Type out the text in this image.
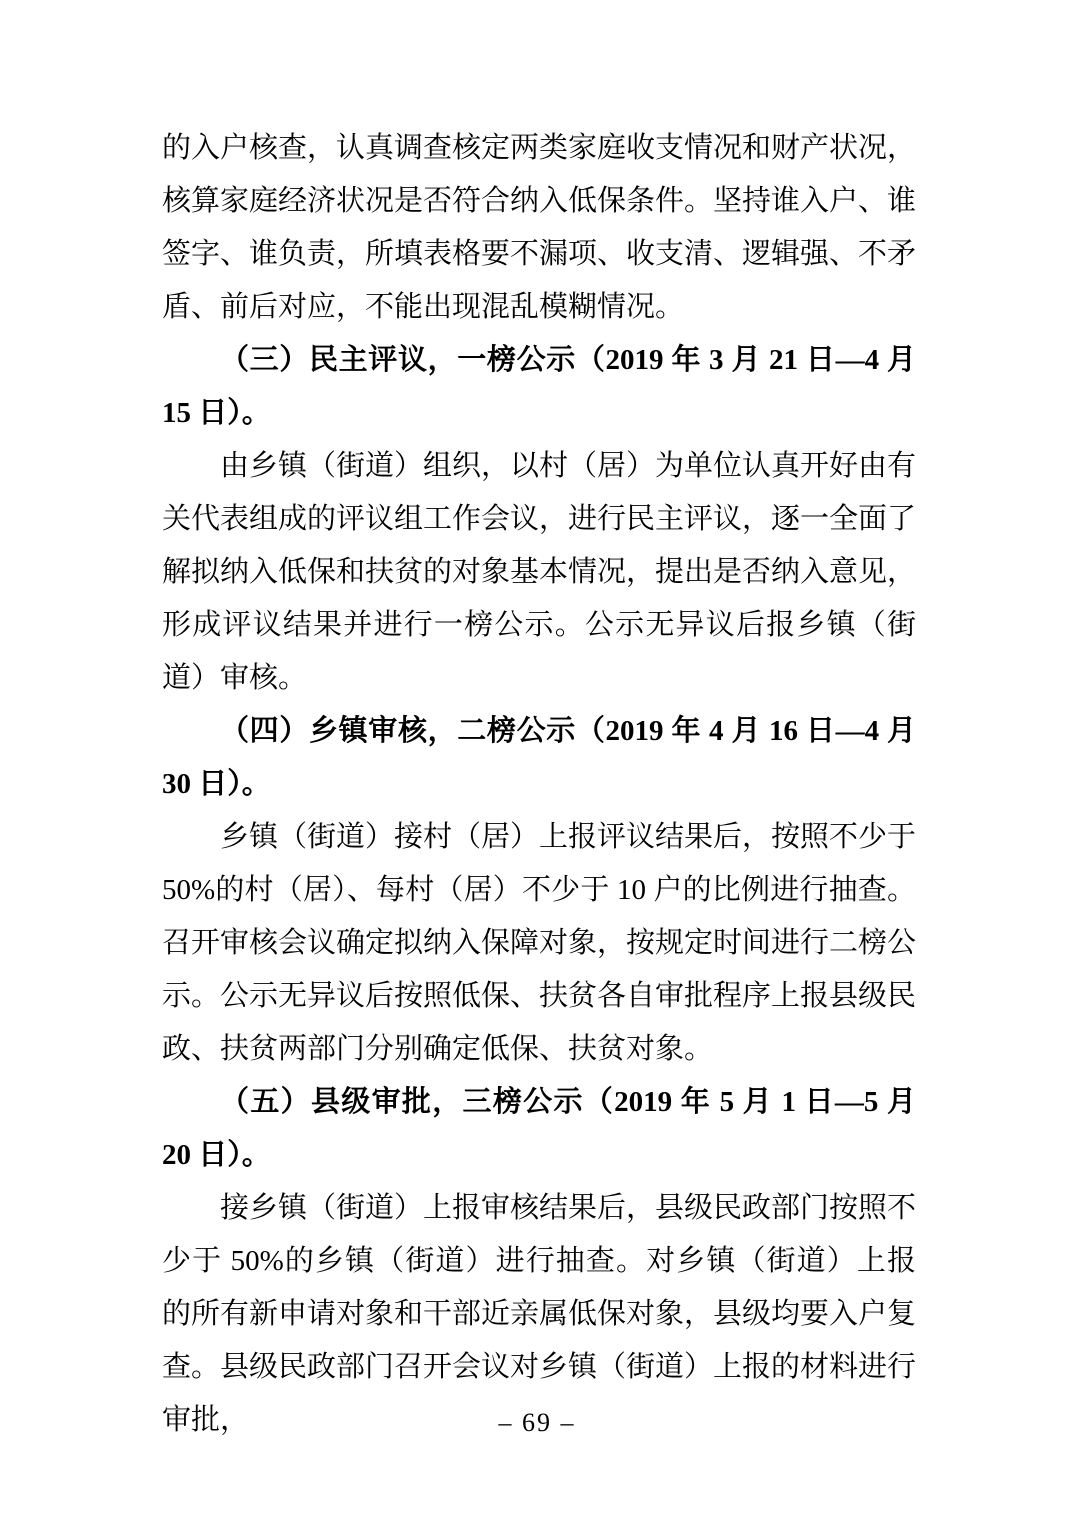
的入户核查，认真调查核定两类家庭收支情况和财产状况，核算家庭经济状况是否符合纳入低保条件。坚持谁入户、谁签字、谁负责，所填表格要不漏项、收支清、逻辑强、不矛盾、前后对应，不能出现混乱模糊情况。

（三）民主评议，一榜公示（2019 年 3 月 21 日—4 月 15 日）。

由乡镇（街道）组织，以村（居）为单位认真开好由有关代表组成的评议组工作会议，进行民主评议，逐一全面了解拟纳入低保和扶贫的对象基本情况，提出是否纳入意见，形成评议结果并进行一榜公示。公示无异议后报乡镇（街道）审核。

（四）乡镇审核，二榜公示（2019 年 4 月 16 日—4 月 30 日）。

乡镇（街道）接村（居）上报评议结果后，按照不少于 50%的村（居）、每村（居）不少于 10 户的比例进行抽查。召开审核会议确定拟纳入保障对象，按规定时间进行二榜公示。公示无异议后按照低保、扶贫各自审批程序上报县级民政、扶贫两部门分别确定低保、扶贫对象。

（五）县级审批，三榜公示（2019 年 5 月 1 日—5 月 20 日）。

接乡镇（街道）上报审核结果后，县级民政部门按照不少于 50%的乡镇（街道）进行抽查。对乡镇（街道）上报的所有新申请对象和干部近亲属低保对象，县级均要入户复查。县级民政部门召开会议对乡镇（街道）上报的材料进行审批，	– 69 –
